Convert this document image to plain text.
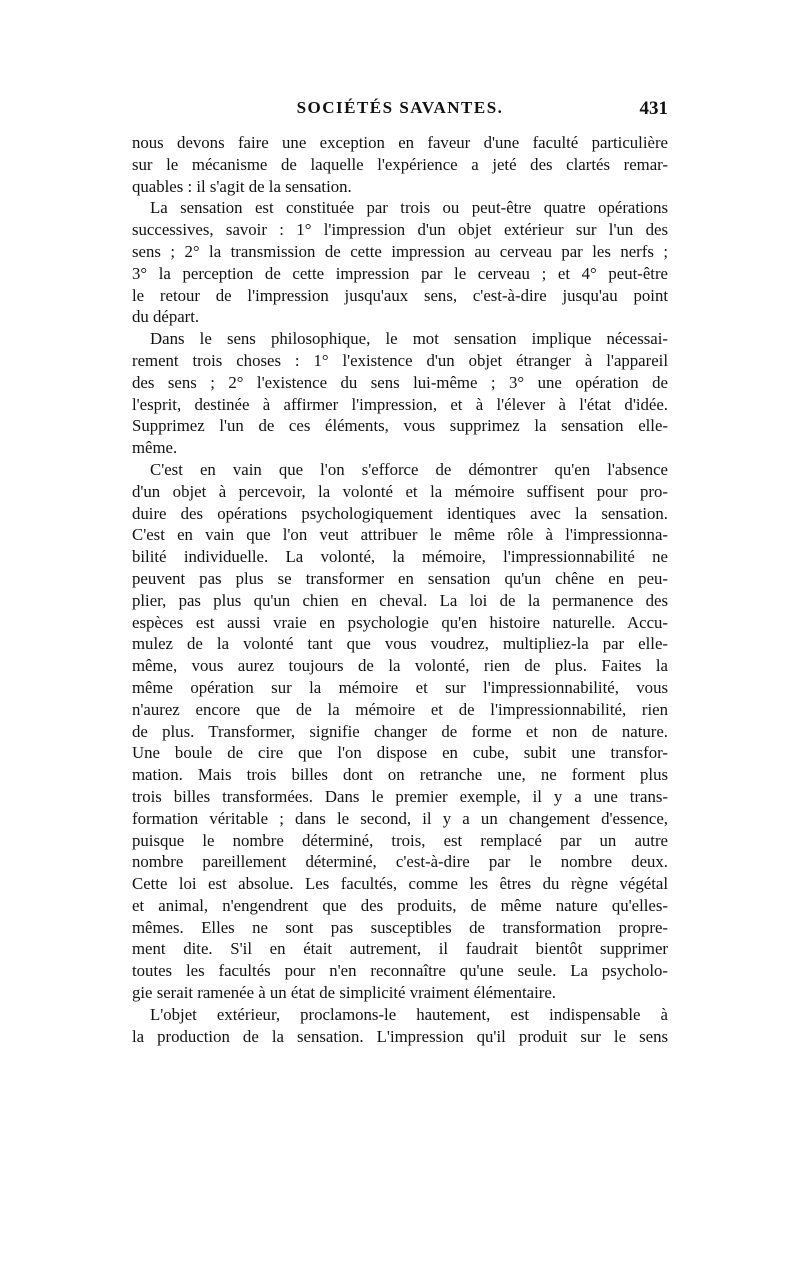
SOCIÉTÉS SAVANTES.	431
nous devons faire une exception en faveur d'une faculté particulière
sur le mécanisme de laquelle l'expérience a jeté des clartés remar-
quables : il s'agit de la sensation.
La sensation est constituée par trois ou peut-être quatre opérations
successives, savoir : 1° l'impression d'un objet extérieur sur l'un des
sens ; 2° la transmission de cette impression au cerveau par les nerfs ;
3° la perception de cette impression par le cerveau ; et 4° peut-être
le retour de l'impression jusqu'aux sens, c'est-à-dire jusqu'au point
du départ.
Dans le sens philosophique, le mot sensation implique nécessai-
rement trois choses : 1° l'existence d'un objet étranger à l'appareil
des sens ; 2° l'existence du sens lui-même ; 3° une opération de
l'esprit, destinée à affirmer l'impression, et à l'élever à l'état d'idée.
Supprimez l'un de ces éléments, vous supprimez la sensation elle-
même.
C'est en vain que l'on s'efforce de démontrer qu'en l'absence
d'un objet à percevoir, la volonté et la mémoire suffisent pour pro-
duire des opérations psychologiquement identiques avec la sensation.
C'est en vain que l'on veut attribuer le même rôle à l'impressionna-
bilité individuelle. La volonté, la mémoire, l'impressionnabilité ne
peuvent pas plus se transformer en sensation qu'un chêne en peu-
plier, pas plus qu'un chien en cheval. La loi de la permanence des
espèces est aussi vraie en psychologie qu'en histoire naturelle. Accu-
mulez de la volonté tant que vous voudrez, multipliez-la par elle-
même, vous aurez toujours de la volonté, rien de plus. Faites la
même opération sur la mémoire et sur l'impressionnabilité, vous
n'aurez encore que de la mémoire et de l'impressionnabilité, rien
de plus. Transformer, signifie changer de forme et non de nature.
Une boule de cire que l'on dispose en cube, subit une transfor-
mation. Mais trois billes dont on retranche une, ne forment plus
trois billes transformées. Dans le premier exemple, il y a une trans-
formation véritable ; dans le second, il y a un changement d'essence,
puisque le nombre déterminé, trois, est remplacé par un autre
nombre pareillement déterminé, c'est-à-dire par le nombre deux.
Cette loi est absolue. Les facultés, comme les êtres du règne végétal
et animal, n'engendrent que des produits, de même nature qu'elles-
mêmes. Elles ne sont pas susceptibles de transformation propre-
ment dite. S'il en était autrement, il faudrait bientôt supprimer
toutes les facultés pour n'en reconnaître qu'une seule. La psycholo-
gie serait ramenée à un état de simplicité vraiment élémentaire.
L'objet extérieur, proclamons-le hautement, est indispensable à
la production de la sensation. L'impression qu'il produit sur le sens
